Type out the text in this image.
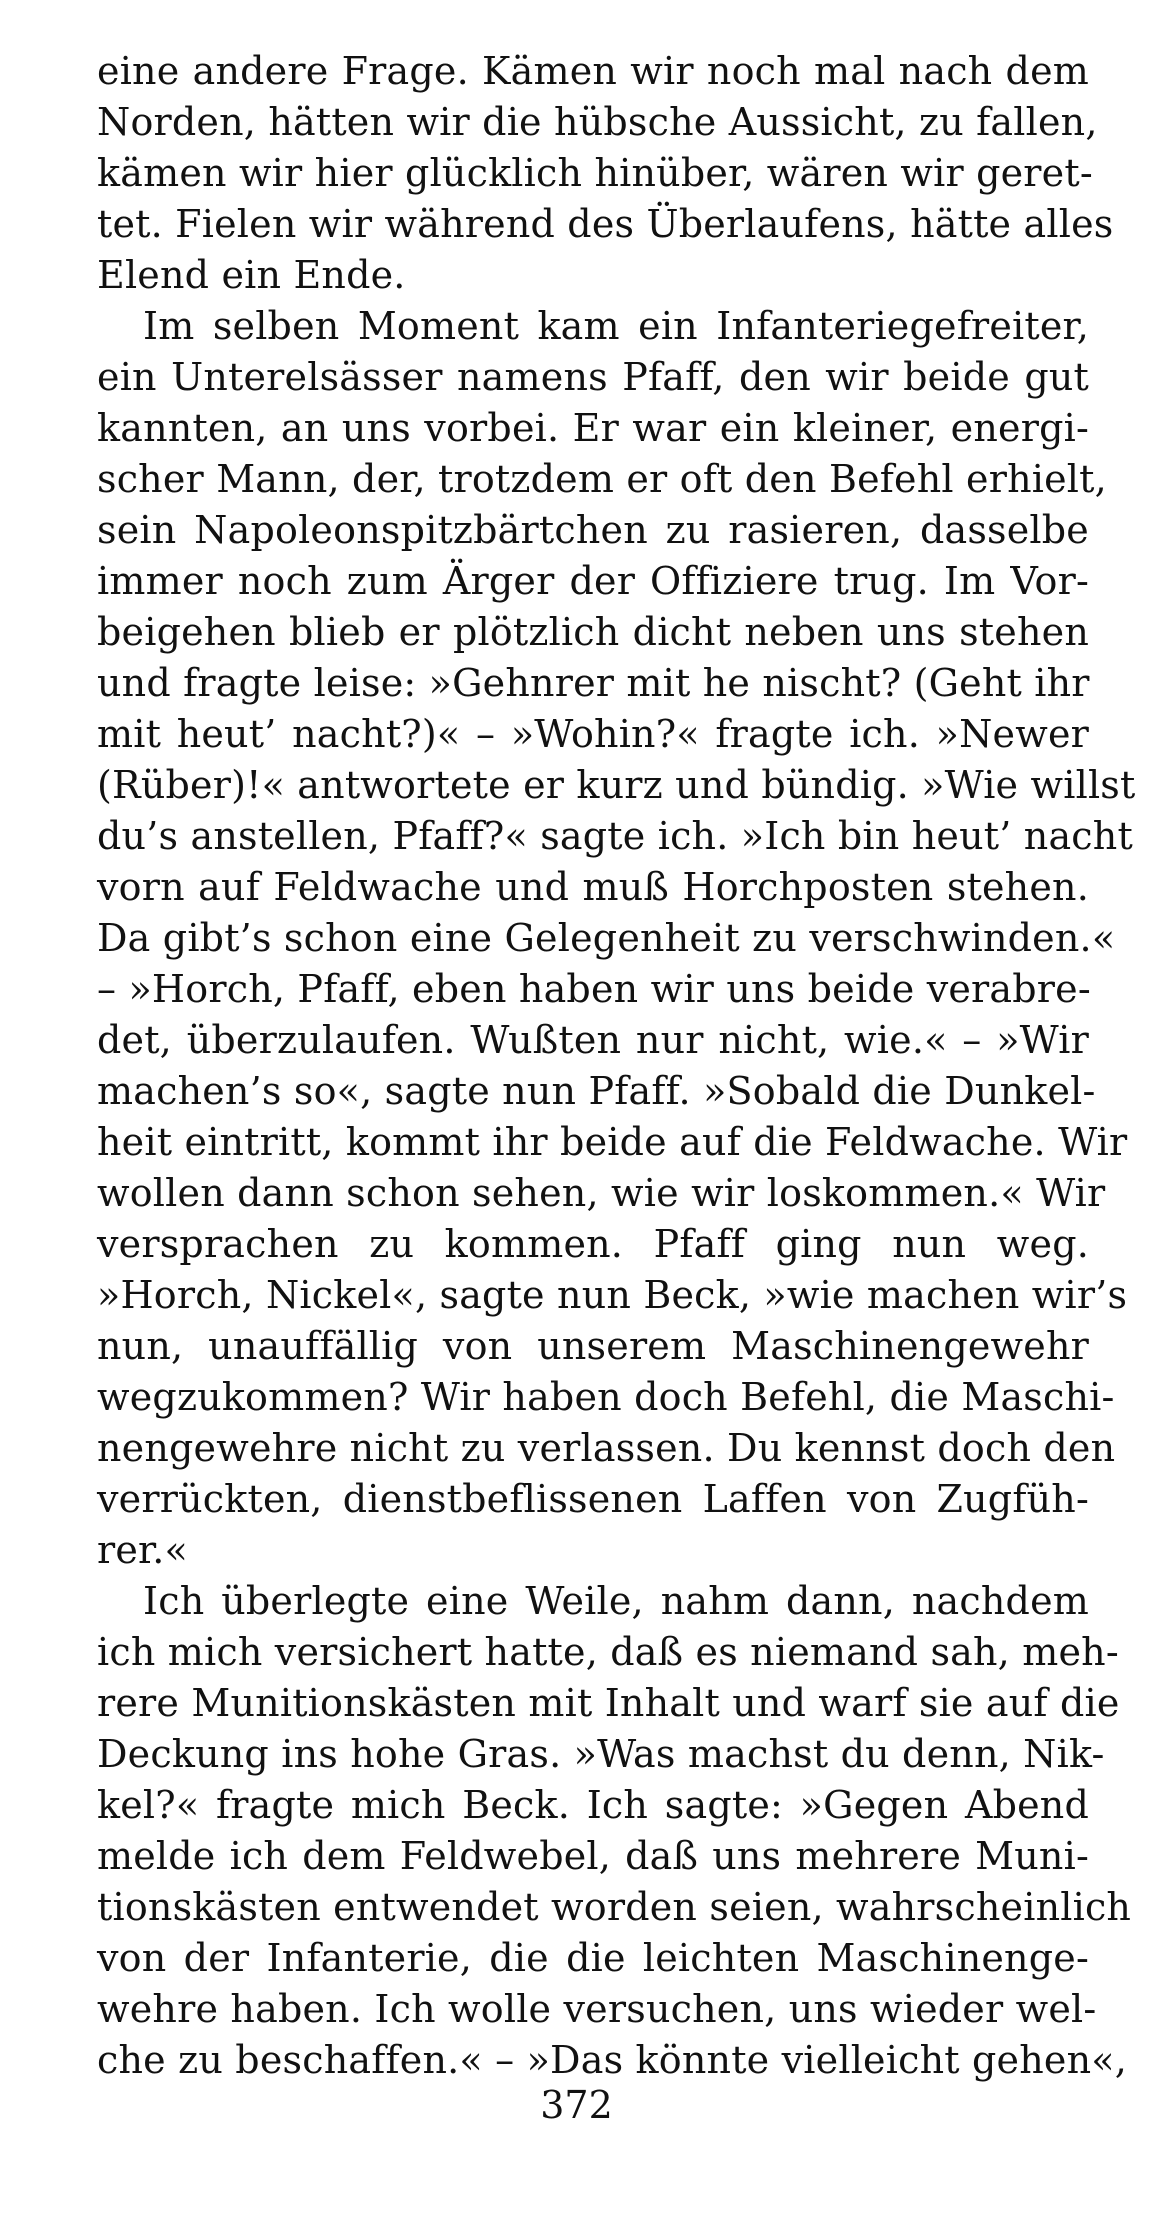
eine andere Frage. Kämen wir noch mal nach dem
Norden, hätten wir die hübsche Aussicht, zu fallen,
kämen wir hier glücklich hinüber, wären wir geret-
tet. Fielen wir während des Überlaufens, hätte alles
Elend ein Ende.

Im selben Moment kam ein Infanteriegefreiter,
ein Unterelsässer namens Pfaff, den wir beide gut
kannten, an uns vorbei. Er war ein kleiner, energi-
scher Mann, der, trotzdem er oft den Befehl erhielt,
sein Napoleonspitzbärtchen zu rasieren, dasselbe
immer noch zum Ärger der Offiziere trug. Im Vor-
beigehen blieb er plötzlich dicht neben uns stehen
und fragte leise: »Gehnrer mit he nischt? (Geht ihr
mit heut’ nacht?)« – »Wohin?« fragte ich. »Newer
(Rüber)!« antwortete er kurz und bündig. »Wie willst
du’s anstellen, Pfaff?« sagte ich. »Ich bin heut’ nacht
vorn auf Feldwache und muß Horchposten stehen.
Da gibt’s schon eine Gelegenheit zu verschwinden.«
– »Horch, Pfaff, eben haben wir uns beide verabre-
det, überzulaufen. Wußten nur nicht, wie.« – »Wir
machen’s so«, sagte nun Pfaff. »Sobald die Dunkel-
heit eintritt, kommt ihr beide auf die Feldwache. Wir
wollen dann schon sehen, wie wir loskommen.« Wir
versprachen zu kommen. Pfaff ging nun weg.
»Horch, Nickel«, sagte nun Beck, »wie machen wir’s
nun, unauffällig von unserem Maschinengewehr
wegzukommen? Wir haben doch Befehl, die Maschi-
nengewehre nicht zu verlassen. Du kennst doch den
verrückten, dienstbeflissenen Laffen von Zugfüh-
rer.«

Ich überlegte eine Weile, nahm dann, nachdem
ich mich versichert hatte, daß es niemand sah, meh-
rere Munitionskästen mit Inhalt und warf sie auf die
Deckung ins hohe Gras. »Was machst du denn, Nik-
kel?« fragte mich Beck. Ich sagte: »Gegen Abend
melde ich dem Feldwebel, daß uns mehrere Muni-
tionskästen entwendet worden seien, wahrscheinlich
von der Infanterie, die die leichten Maschinenge-
wehre haben. Ich wolle versuchen, uns wieder wel-
che zu beschaffen.« – »Das könnte vielleicht gehen«,

372
